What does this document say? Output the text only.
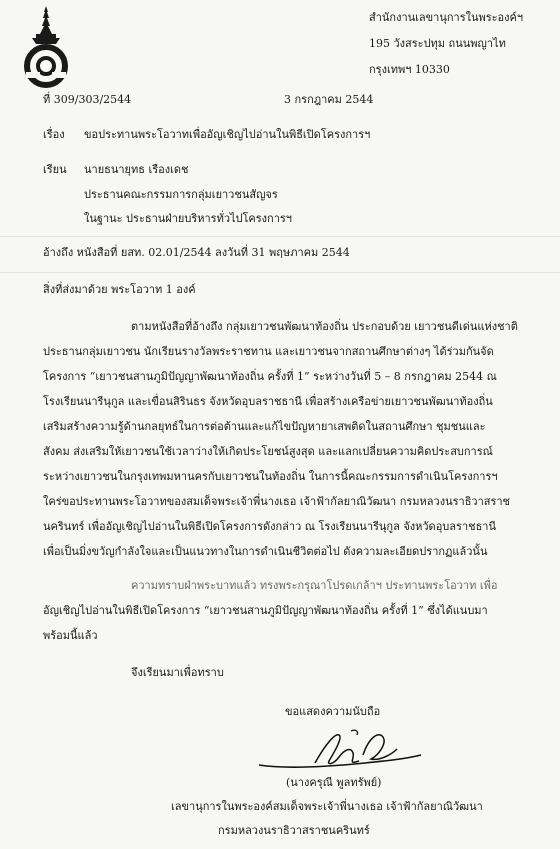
สำนักงานเลขานุการในพระองค์ฯ
195 วังสระปทุม ถนนพญาไท
กรุงเทพฯ 10330
ที่ 309/303/2544	3 กรกฎาคม 2544
เรื่อง ขอประทานพระโอวาทเพื่ออัญเชิญไปอ่านในพิธีเปิดโครงการฯ
เรียน นายธนายุทธ เรืองเดช
ประธานคณะกรรมการกลุ่มเยาวชนสัญจร
ในฐานะ ประธานฝ่ายบริหารทั่วไปโครงการฯ
อ้างถึง หนังสือที่ ยสท. 02.01/2544 ลงวันที่ 31 พฤษภาคม 2544
สิ่งที่ส่งมาด้วย พระโอวาท 1 องค์
ตามหนังสือที่อ้างถึง กลุ่มเยาวชนพัฒนาท้องถิ่น ประกอบด้วย เยาวชนดีเด่นแห่งชาติ
ประธานกลุ่มเยาวชน นักเรียนรางวัลพระราชทาน และเยาวชนจากสถานศึกษาต่างๆ ได้ร่วมกันจัด
โครงการ “เยาวชนสานภูมิปัญญาพัฒนาท้องถิ่น ครั้งที่ 1” ระหว่างวันที่ 5 – 8 กรกฎาคม 2544 ณ
โรงเรียนนารีนุกูล และเขื่อนสิรินธร จังหวัดอุบลราชธานี เพื่อสร้างเครือข่ายเยาวชนพัฒนาท้องถิ่น
เสริมสร้างความรู้ด้านกลยุทธ์ในการต่อต้านและแก้ไขปัญหายาเสพติดในสถานศึกษา ชุมชนและ
สังคม ส่งเสริมให้เยาวชนใช้เวลาว่างให้เกิดประโยชน์สูงสุด และแลกเปลี่ยนความคิดประสบการณ์
ระหว่างเยาวชนในกรุงเทพมหานครกับเยาวชนในท้องถิ่น ในการนี้คณะกรรมการดำเนินโครงการฯ
ใคร่ขอประทานพระโอวาทของสมเด็จพระเจ้าพี่นางเธอ เจ้าฟ้ากัลยาณิวัฒนา กรมหลวงนราธิวาสราช
นครินทร์ เพื่ออัญเชิญไปอ่านในพิธีเปิดโครงการดังกล่าว ณ โรงเรียนนารีนุกูล จังหวัดอุบลราชธานี
เพื่อเป็นมิ่งขวัญกำลังใจและเป็นแนวทางในการดำเนินชีวิตต่อไป ดังความละเอียดปรากฏแล้วนั้น
ความทราบฝ่าพระบาทแล้ว ทรงพระกรุณาโปรดเกล้าฯ ประทานพระโอวาท เพื่อ
อัญเชิญไปอ่านในพิธีเปิดโครงการ “เยาวชนสานภูมิปัญญาพัฒนาท้องถิ่น ครั้งที่ 1” ซึ่งได้แนบมา
พร้อมนี้แล้ว
จึงเรียนมาเพื่อทราบ
ขอแสดงความนับถือ
(นางครุณี พูลทรัพย์)
เลขานุการในพระองค์สมเด็จพระเจ้าพี่นางเธอ เจ้าฟ้ากัลยาณิวัฒนา
กรมหลวงนราธิวาสราชนครินทร์
